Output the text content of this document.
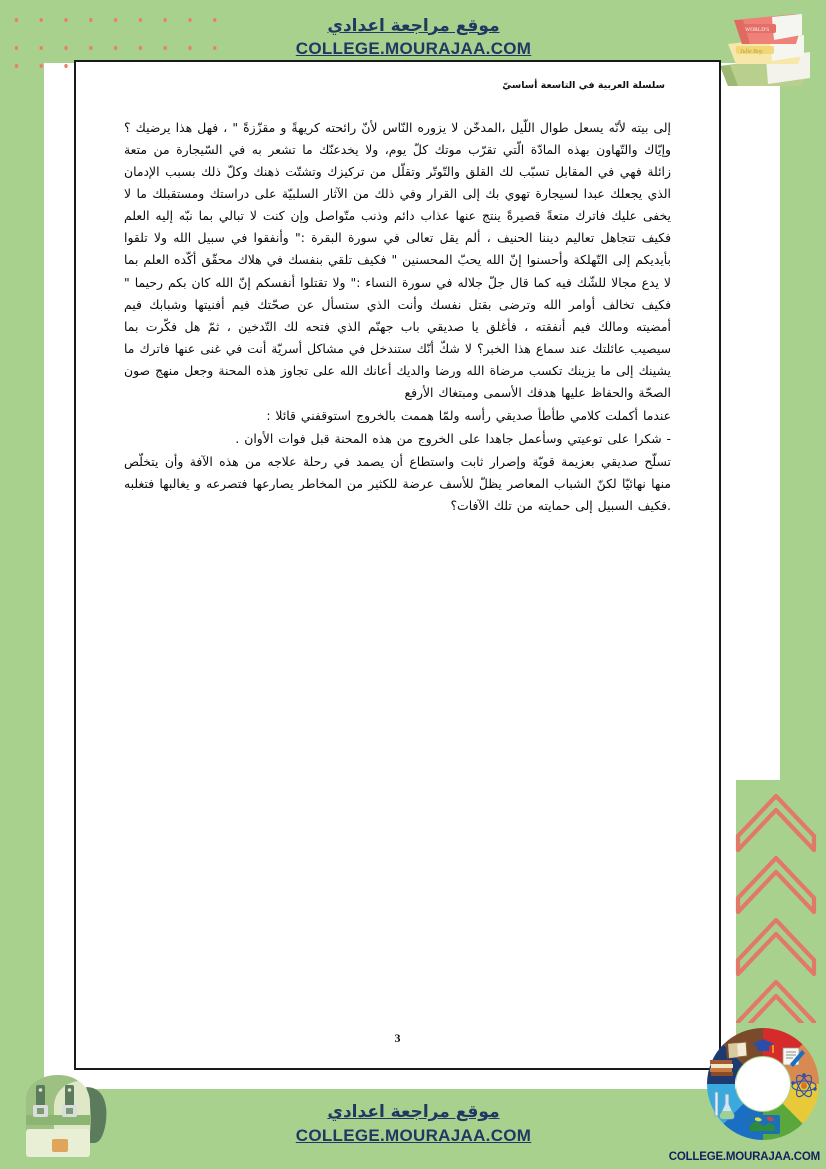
موقع مراجعة اعدادي
COLLEGE.MOURAJAA.COM	Julie Boy.
WORLD'S
سلسلة العربية في التاسعة أساسيّ

إلى بيته لأنّه يسعل طوال اللّيل ،المدخّن لا يزوره النّاس لأنّ رائحته كريهةً و مقزّزةً " ، فهل هذا يرضيك ؟ وإيّاك والتّهاون بهذه المادّة الّتي تقرّب موتك كلّ يوم، ولا يخدعنّك ما تشعر به في السّيجارة من متعة زائلة فهي في المقابل تسبّب لك القلق والتّوتّر وتقلّل من تركيزك وتشتّت ذهنك وكلّ ذلك بسبب الإدمان الذي يجعلك عبدا لسيجارة تهوي بك إلى القرار وفي ذلك من الآثار السلبيّة على دراستك ومستقبلك ما لا يخفى عليك فاترك متعةً قصيرةً ينتج عنها عذاب دائم وذنب متّواصل وإن كنت لا تبالي بما نبّه إليه العلم فكيف تتجاهل تعاليم ديننا الحنيف ، ألم يقل تعالى في سورة البقرة :" وأنفقوا في سبيل الله ولا تلقوا بأيديكم إلى التّهلكة وأحسنوا إنّ الله يحبّ المحسنين " فكيف تلقي بنفسك في هلاك محقّق أكّده العلم بما لا يدع مجالا للشّك فيه كما قال جلّ جلاله في سورة النساء :" ولا تقتلوا أنفسكم إنّ الله كان بكم رحيما " فكيف تخالف أوامر الله وترضى بقتل نفسك وأنت الذي ستسأل عن صحّتك فيم أفنيتها وشبابك فيم أمضيته ومالك فيم أنفقته ، فأغلق يا صديقي باب جهنّم الذي فتحه لك التّدخين ، ثمّ هل فكّرت بما سيصيب عائلتك عند سماع هذا الخبر؟ لا شكّ أنّك ستندخل في مشاكل أسريّة أنت في غنى عنها فاترك ما يشينك إلى ما يزينك تكسب مرضاة الله ورضا والديك أعانك الله على تجاوز هذه المحنة وجعل منهج صون الصحّة والحفاظ عليها هدفك الأسمى ومبتغاك الأرفع

عندما أكملت كلامي طأطأ صديقي رأسه ولمّا هممت بالخروج استوقفني قائلا :

- شكرا على توعيتي وسأعمل جاهدا على الخروج من هذه المحنة قبل فوات الأوان .

تسلّح صديقي بعزيمة قويّة وإصرار ثابت واستطاع أن يصمد في رحلة علاجه من هذه الآفة وأن يتخلّص منها نهائيّا لكنّ الشباب المعاصر يظلّ للأسف عرضة للكثير من المخاطر يصارعها فتصرعه و يغالبها فتغلبه .فكيف السبيل إلى حمايته من تلك الآفات؟

3
موقع مراجعة اعدادي
COLLEGE.MOURAJAA.COM
COLLEGE.MOURAJAA.COM
